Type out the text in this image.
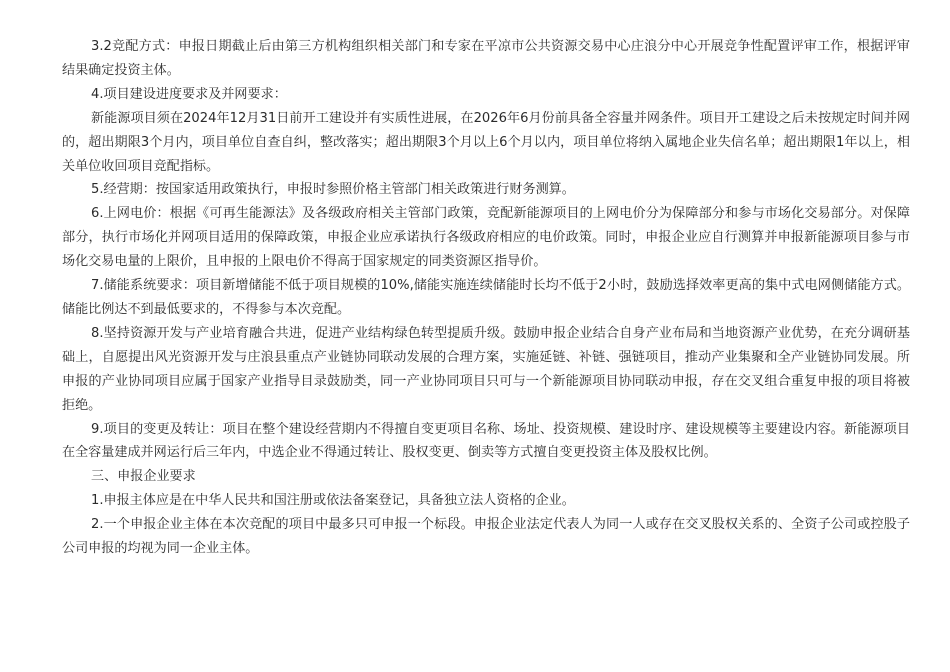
3.2竞配方式：申报日期截止后由第三方机构组织相关部门和专家在平凉市公共资源交易中心庄浪分中心开展竞争性配置评审工作，根据评审结果确定投资主体。

4.项目建设进度要求及并网要求：

新能源项目须在2024年12月31日前开工建设并有实质性进展，在2026年6月份前具备全容量并网条件。项目开工建设之后未按规定时间并网的，超出期限3个月内，项目单位自查自纠，整改落实；超出期限3个月以上6个月以内，项目单位将纳入属地企业失信名单；超出期限1年以上，相关单位收回项目竞配指标。

5.经营期：按国家适用政策执行，申报时参照价格主管部门相关政策进行财务测算。

6.上网电价：根据《可再生能源法》及各级政府相关主管部门政策，竞配新能源项目的上网电价分为保障部分和参与市场化交易部分。对保障部分，执行市场化并网项目适用的保障政策，申报企业应承诺执行各级政府相应的电价政策。同时，申报企业应自行测算并申报新能源项目参与市场化交易电量的上限价，且申报的上限电价不得高于国家规定的同类资源区指导价。

7.储能系统要求：项目新增储能不低于项目规模的10%,储能实施连续储能时长均不低于2小时，鼓励选择效率更高的集中式电网侧储能方式。储能比例达不到最低要求的，不得参与本次竞配。

8.坚持资源开发与产业培育融合共进，促进产业结构绿色转型提质升级。鼓励申报企业结合自身产业布局和当地资源产业优势，在充分调研基础上，自愿提出风光资源开发与庄浪县重点产业链协同联动发展的合理方案，实施延链、补链、强链项目，推动产业集聚和全产业链协同发展。所申报的产业协同项目应属于国家产业指导目录鼓励类，同一产业协同项目只可与一个新能源项目协同联动申报，存在交叉组合重复申报的项目将被拒绝。

9.项目的变更及转让：项目在整个建设经营期内不得擅自变更项目名称、场址、投资规模、建设时序、建设规模等主要建设内容。新能源项目在全容量建成并网运行后三年内，中选企业不得通过转让、股权变更、倒卖等方式擅自变更投资主体及股权比例。

三、申报企业要求

1.申报主体应是在中华人民共和国注册或依法备案登记，具备独立法人资格的企业。

2.一个申报企业主体在本次竞配的项目中最多只可申报一个标段。申报企业法定代表人为同一人或存在交叉股权关系的、全资子公司或控股子公司申报的均视为同一企业主体。
